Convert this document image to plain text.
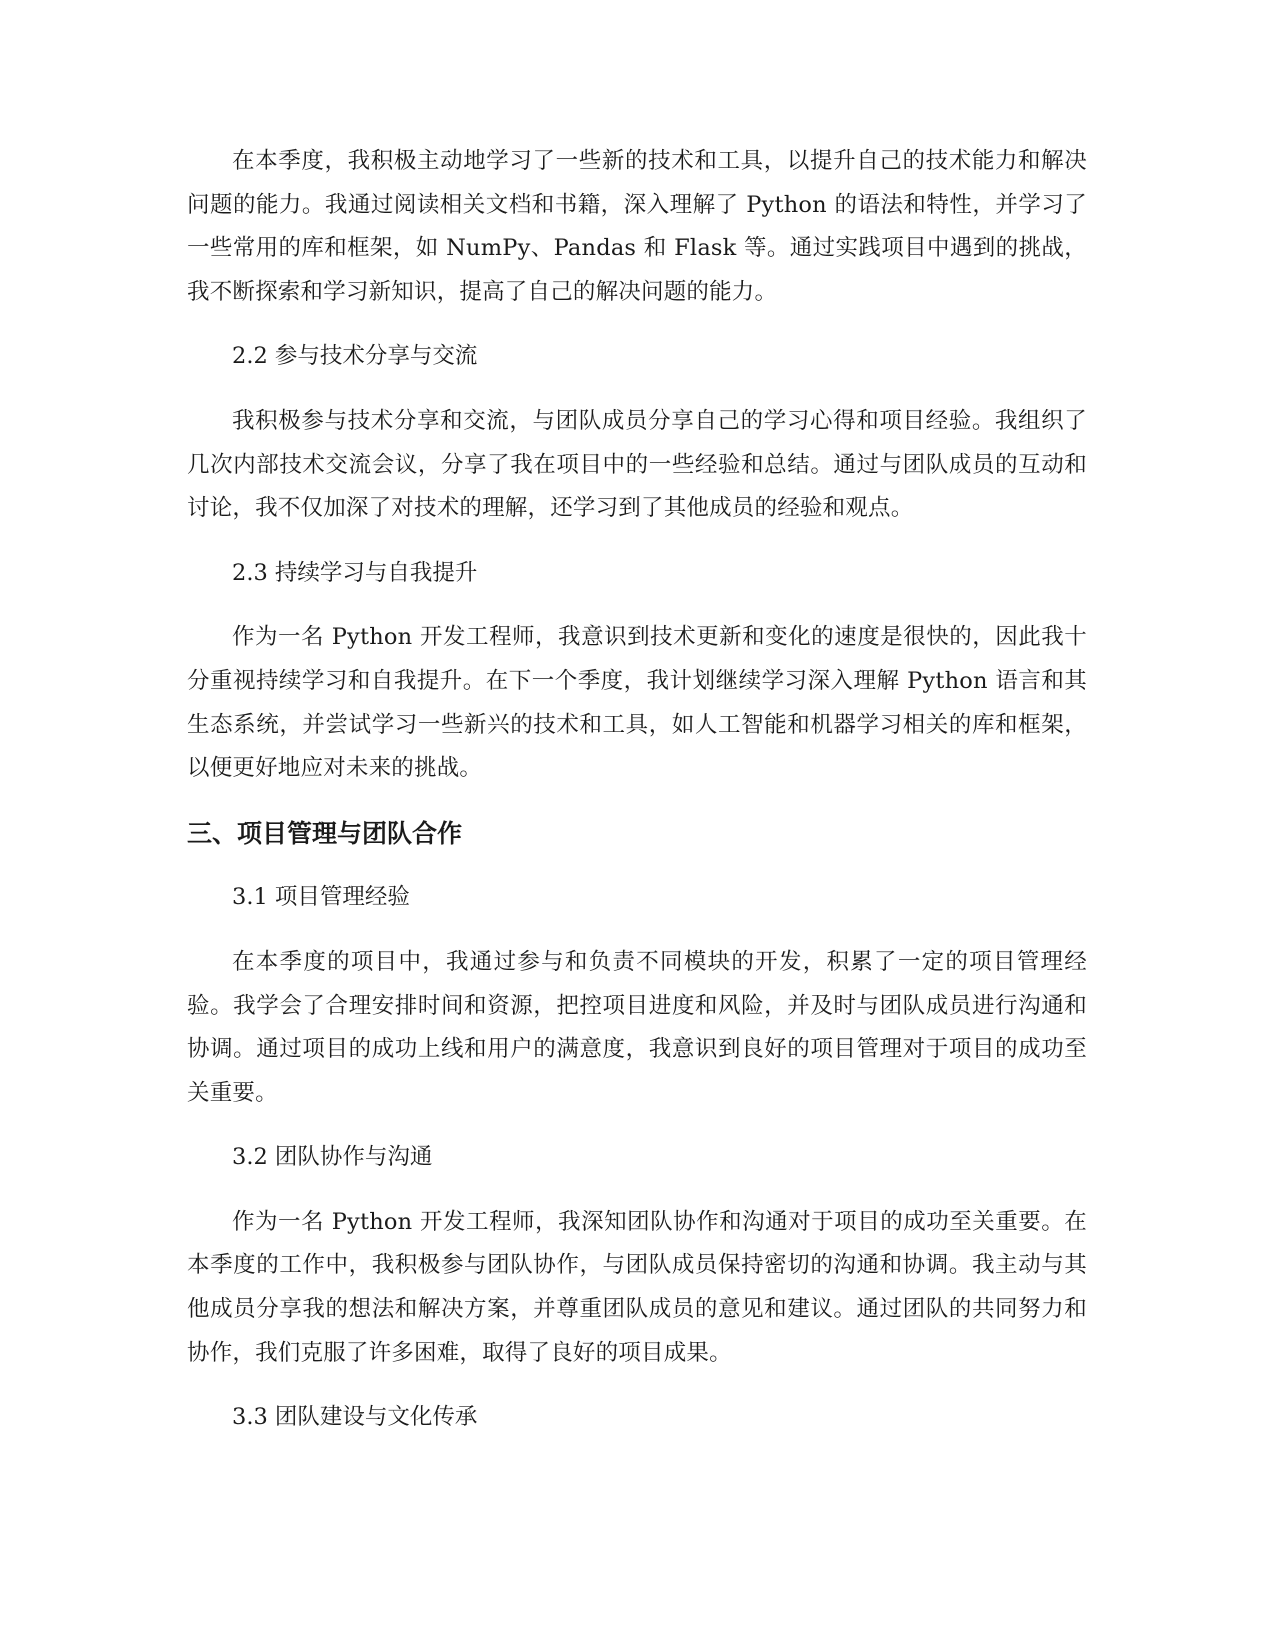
在本季度，我积极主动地学习了一些新的技术和工具，以提升自己的技术能力和解决问题的能力。我通过阅读相关文档和书籍，深入理解了 Python 的语法和特性，并学习了一些常用的库和框架，如 NumPy、Pandas 和 Flask 等。通过实践项目中遇到的挑战，我不断探索和学习新知识，提高了自己的解决问题的能力。

2.2 参与技术分享与交流

我积极参与技术分享和交流，与团队成员分享自己的学习心得和项目经验。我组织了几次内部技术交流会议，分享了我在项目中的一些经验和总结。通过与团队成员的互动和讨论，我不仅加深了对技术的理解，还学习到了其他成员的经验和观点。

2.3 持续学习与自我提升

作为一名 Python 开发工程师，我意识到技术更新和变化的速度是很快的，因此我十分重视持续学习和自我提升。在下一个季度，我计划继续学习深入理解 Python 语言和其生态系统，并尝试学习一些新兴的技术和工具，如人工智能和机器学习相关的库和框架，以便更好地应对未来的挑战。

三、项目管理与团队合作

3.1 项目管理经验

在本季度的项目中，我通过参与和负责不同模块的开发，积累了一定的项目管理经验。我学会了合理安排时间和资源，把控项目进度和风险，并及时与团队成员进行沟通和协调。通过项目的成功上线和用户的满意度，我意识到良好的项目管理对于项目的成功至关重要。

3.2 团队协作与沟通

作为一名 Python 开发工程师，我深知团队协作和沟通对于项目的成功至关重要。在本季度的工作中，我积极参与团队协作，与团队成员保持密切的沟通和协调。我主动与其他成员分享我的想法和解决方案，并尊重团队成员的意见和建议。通过团队的共同努力和协作，我们克服了许多困难，取得了良好的项目成果。

3.3 团队建设与文化传承
